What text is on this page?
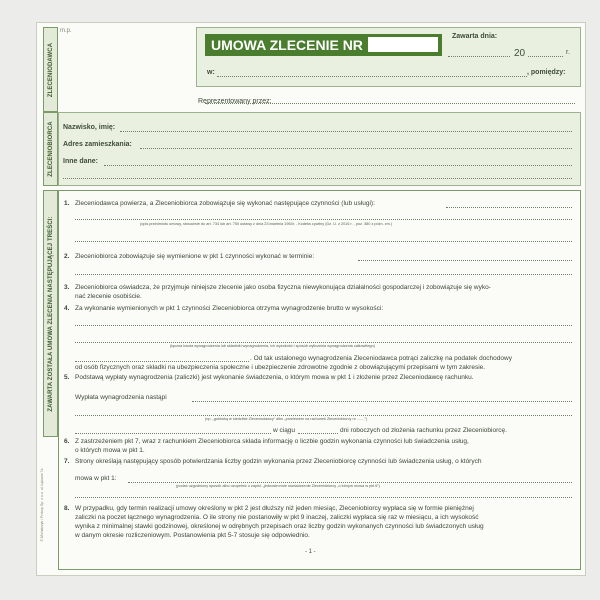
ZLECENIODAWCA
m.p.
Reprezentowany przez:
UMOWA ZLECENIE NR
Zawarta dnia:
20	r.
w:	, pomiędzy:
ZLECENIOBIORCA Nazwisko, imię:
Adres zamieszkania:
Inne dane:
ZAWARTA ZOSTAŁA UMOWA ZLECENIA NASTĘPUJĄCEJ TREŚCI:
© Michalczyk i Prokop Sp. z o.o. ul. Łąkowa 7a
1. Zleceniodawca powierza, a Zleceniobiorca zobowiązuje się wykonać następujące czynności (lub usługi):
(opis przedmiotu umowy, stosownie do art. 734 lub art. 750 ustawy z dnia 23 kwietnia 1964r. - Kodeks cywilny (Dz. U. z 2016 r. , poz. 380 z późn. zm.)
2. Zleceniobiorca zobowiązuje się wymienione w pkt 1 czynności wykonać w terminie:
3. Zleceniobiorca oświadcza, że przyjmuje niniejsze zlecenie jako osoba fizyczna niewykonująca działalności gospodarczej i zobowiązuje się wyko-
nać zlecenie osobiście.
4. Za wykonanie wymienionych w pkt 1 czynności Zleceniobiorca otrzyma wynagrodzenie brutto w wysokości:
(łączna kwota wynagrodzenia lub składniki wynagrodzenia, ich wysokość i sposób wyliczenia wynagrodzenia całkowitego)
. Od tak ustalonego wynagrodzenia Zleceniodawca potrąci zaliczkę na podatek dochodowy
od osób fizycznych oraz składki na ubezpieczenia społeczne i ubezpieczenie zdrowotne zgodnie z obowiązującymi przepisami w tym zakresie.
5. Podstawą wypłaty wynagrodzenia (zaliczki) jest wykonanie świadczenia, o którym mowa w pkt 1 i złożenie przez Zleceniodawcę rachunku.
Wypłata wynagrodzenia nastąpi
(np. „gotówką w siedzibie Zleceniodawcy” albo „przelewem na rachunek Zleceniobiorcy nr .......”)
w ciągu	dni roboczych od złożenia rachunku przez Zleceniobiorcę.
6. Z zastrzeżeniem pkt 7, wraz z rachunkiem Zleceniobiorca składa informację o liczbie godzin wykonania czynności lub świadczenia usług,
o których mowa w pkt 1.
7. Strony określają następujący sposób potwierdzania liczby godzin wykonania przez Zleceniobiorcę czynności lub świadczenia usług, o których
mowa w pkt 1:
(podać uzgodniony sposób albo uzupełnić o zapisi: „jednostronnie oświadczenie Zleceniobiorcy „o którym mowa w pkt 6”)
8. W przypadku, gdy termin realizacji umowy określony w pkt 2 jest dłuższy niż jeden miesiąc, Zleceniobiorcy wypłaca się w formie pieniężnej
zaliczki na poczet łącznego wynagrodzenia. O ile strony nie postanowiły w pkt 9 inaczej, zaliczki wypłaca się raz w miesiącu, a ich wysokość
wynika z minimalnej stawki godzinowej, określonej w odrębnych przepisach oraz liczby godzin wykonanych czynności lub świadczonych usług
w danym okresie rozliczeniowym. Postanowienia pkt 5-7 stosuje się odpowiednio.
- 1 -
